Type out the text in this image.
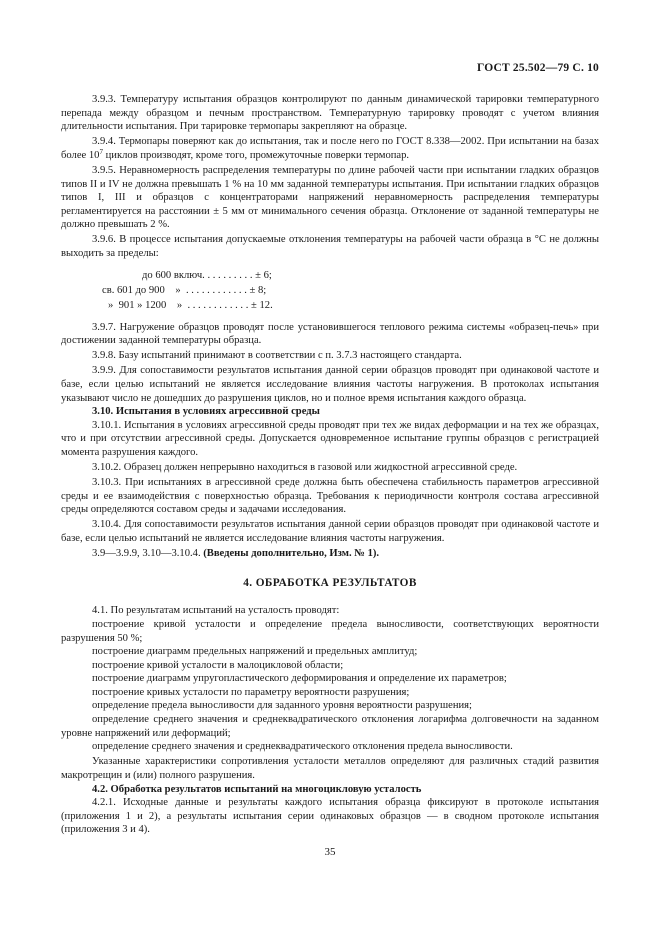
ГОСТ 25.502—79 С. 10

3.9.3. Температуру испытания образцов контролируют по данным динамической тарировки температурного перепада между образцом и печным пространством. Температурную тарировку проводят с учетом влияния длительности испытания. При тарировке термопары закрепляют на образце.

3.9.4. Термопары поверяют как до испытания, так и после него по ГОСТ 8.338—2002. При испытании на базах более $10^7$ циклов производят, кроме того, промежуточные поверки термопар.

3.9.5. Неравномерность распределения температуры по длине рабочей части при испытании гладких образцов типов II и IV не должна превышать 1 % на 10 мм заданной температуры испытания. При испытании гладких образцов типов I, III и образцов с концентраторами напряжений неравномерность распределения температуры регламентируется на расстоянии ± 5 мм от минимального сечения образца. Отклонение от заданной температуры не должно превышать 2 %.

3.9.6. В процессе испытания допускаемые отклонения температуры на рабочей части образца в °С не должны выходить за пределы:

до 600 включ. . . . . . . . . . ± 6;
св. 601 до 900    »  . . . . . . . . . . . . ± 8;
»  901 » 1200    »  . . . . . . . . . . . . ± 12.

3.9.7. Нагружение образцов проводят после установившегося теплового режима системы «образец-печь» при достижении заданной температуры образца.

3.9.8. Базу испытаний принимают в соответствии с п. 3.7.3 настоящего стандарта.

3.9.9. Для сопоставимости результатов испытания данной серии образцов проводят при одинаковой частоте и базе, если целью испытаний не является исследование влияния частоты нагружения. В протоколах испытания указывают число не дошедших до разрушения циклов, но и полное время испытания каждого образца.

3.10. Испытания в условиях агрессивной среды

3.10.1. Испытания в условиях агрессивной среды проводят при тех же видах деформации и на тех же образцах, что и при отсутствии агрессивной среды. Допускается одновременное испытание группы образцов с регистрацией момента разрушения каждого.

3.10.2. Образец должен непрерывно находиться в газовой или жидкостной агрессивной среде.

3.10.3. При испытаниях в агрессивной среде должна быть обеспечена стабильность параметров агрессивной среды и ее взаимодействия с поверхностью образца. Требования к периодичности контроля состава агрессивной среды определяются составом среды и задачами исследования.

3.10.4. Для сопоставимости результатов испытания данной серии образцов проводят при одинаковой частоте и базе, если целью испытаний не является исследование влияния частоты нагружения.

3.9—3.9.9, 3.10—3.10.4. (Введены дополнительно, Изм. № 1).

4. ОБРАБОТКА РЕЗУЛЬТАТОВ

4.1. По результатам испытаний на усталость проводят:

построение кривой усталости и определение предела выносливости, соответствующих вероятности разрушения 50 %;

построение диаграмм предельных напряжений и предельных амплитуд;

построение кривой усталости в малоцикловой области;

построение диаграмм упругопластического деформирования и определение их параметров;

построение кривых усталости по параметру вероятности разрушения;

определение предела выносливости для заданного уровня вероятности разрушения;

определение среднего значения и среднеквадратического отклонения логарифма долговечности на заданном уровне напряжений или деформаций;

определение среднего значения и среднеквадратического отклонения предела выносливости.

Указанные характеристики сопротивления усталости металлов определяют для различных стадий развития макротрещин и (или) полного разрушения.

4.2. Обработка результатов испытаний на многоцикловую усталость

4.2.1. Исходные данные и результаты каждого испытания образца фиксируют в протоколе испытания (приложения 1 и 2), а результаты испытания серии одинаковых образцов — в сводном протоколе испытания (приложения 3 и 4).

35
